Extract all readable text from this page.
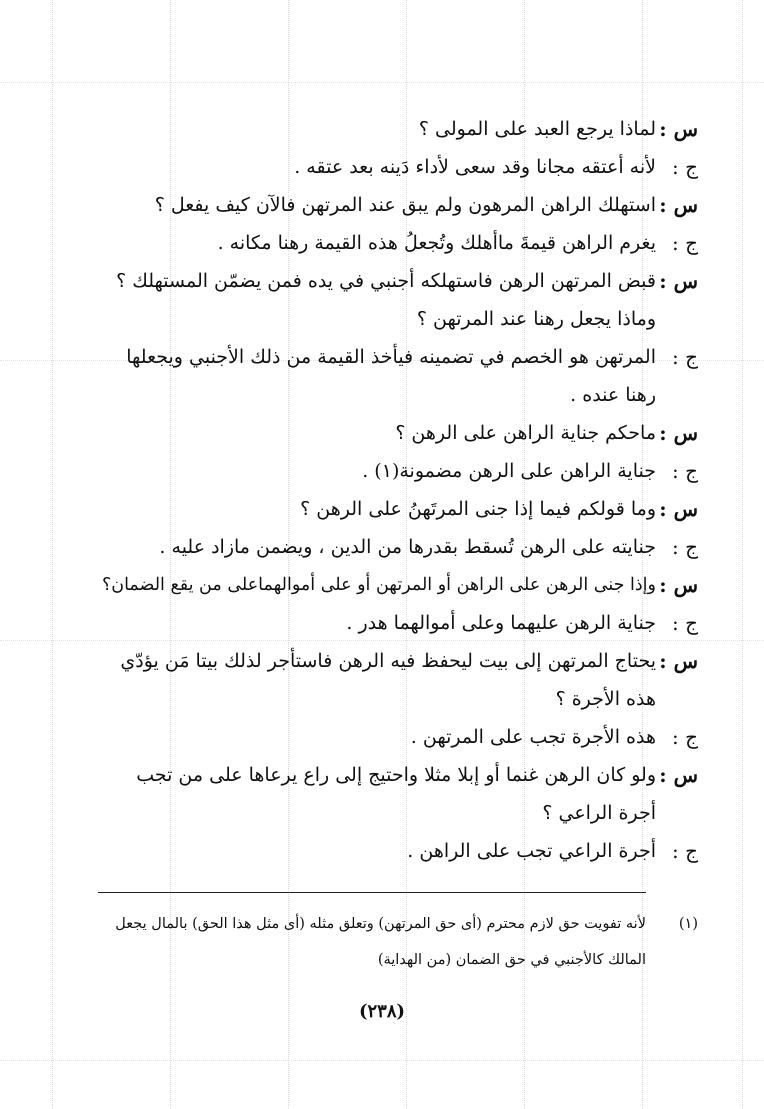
س :
لماذا يرجع العبد على المولى ؟
ج :
لأنه أعتقه مجانا وقد سعى لأداء دَينه بعد عتقه .
س :
استهلك الراهن المرهون ولم يبق عند المرتهن فالآن كيف يفعل ؟
ج :
يغرم الراهن قيمةَ ماأهلك وتُجعلُ هذه القيمة رهنا مكانه .
س :
قبض المرتهن الرهن فاستهلكه أجنبي في يده فمن يضمّن المستهلك ؟
وماذا يجعل رهنا عند المرتهن ؟
ج :
المرتهن هو الخصم في تضمينه فيأخذ القيمة من ذلك الأجنبي ويجعلها
رهنا عنده .
س :
ماحكم جناية الراهن على الرهن ؟
ج :
جناية الراهن على الرهن مضمونة(١) .
س :
وما قولكم فيما إذا جنى المرتَهنُ على الرهن ؟
ج :
جنايته على الرهن تُسقط بقدرها من الدين ، ويضمن مازاد عليه .
س :
وإذا جنى الرهن على الراهن أو المرتهن أو على أموالهماعلى من يقع الضمان؟
ج :
جناية الرهن عليهما وعلى أموالهما هدر .
س :
يحتاج المرتهن إلى بيت ليحفظ فيه الرهن فاستأجر لذلك بيتا مَن يؤدّي
هذه الأجرة ؟
ج :
هذه الأجرة تجب على المرتهن .
س :
ولو كان الرهن غنما أو إبلا مثلا واحتيج إلى راع يرعاها على من تجب
أجرة الراعي ؟
ج :
أجرة الراعي تجب على الراهن .
(١)
لأنه تفويت حق لازم محترم (أى حق المرتهن) وتعلق مثله (أى مثل هذا الحق) بالمال يجعل
المالك كالأجنبي في حق الضمان (من الهداية)
(٢٣٨)
